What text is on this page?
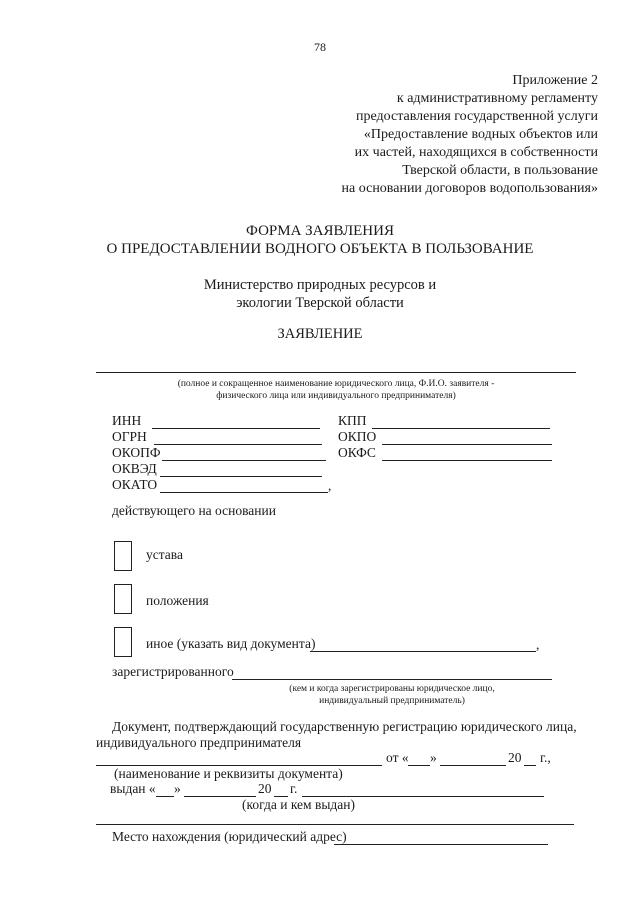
78
Приложение 2
к административному регламенту
предоставления государственной услуги
«Предоставление водных объектов или
их частей, находящихся в собственности
Тверской области, в пользование
на основании договоров водопользования»
ФОРМА ЗАЯВЛЕНИЯ
О ПРЕДОСТАВЛЕНИИ ВОДНОГО ОБЪЕКТА В ПОЛЬЗОВАНИЕ
Министерство природных ресурсов и
экологии Тверской области
ЗАЯВЛЕНИЕ
(полное и сокращенное наименование юридического лица, Ф.И.О. заявителя -
физического лица или индивидуального предпринимателя)
ИНН	КПП
ОГРН	ОКПО
ОКОПФ	ОКФС
ОКВЭД
ОКАТО	,
действующего на основании
устава
положения
иное (указать вид документа)	,
зарегистрированного
(кем и когда зарегистрированы юридическое лицо,
индивидуальный предприниматель)
Документ, подтверждающий государственную регистрацию юридического лица,
индивидуального предпринимателя
от « »	20 г.,
(наименование и реквизиты документа)
выдан « »	20 г.
(когда и кем выдан)
Место нахождения (юридический адрес)
